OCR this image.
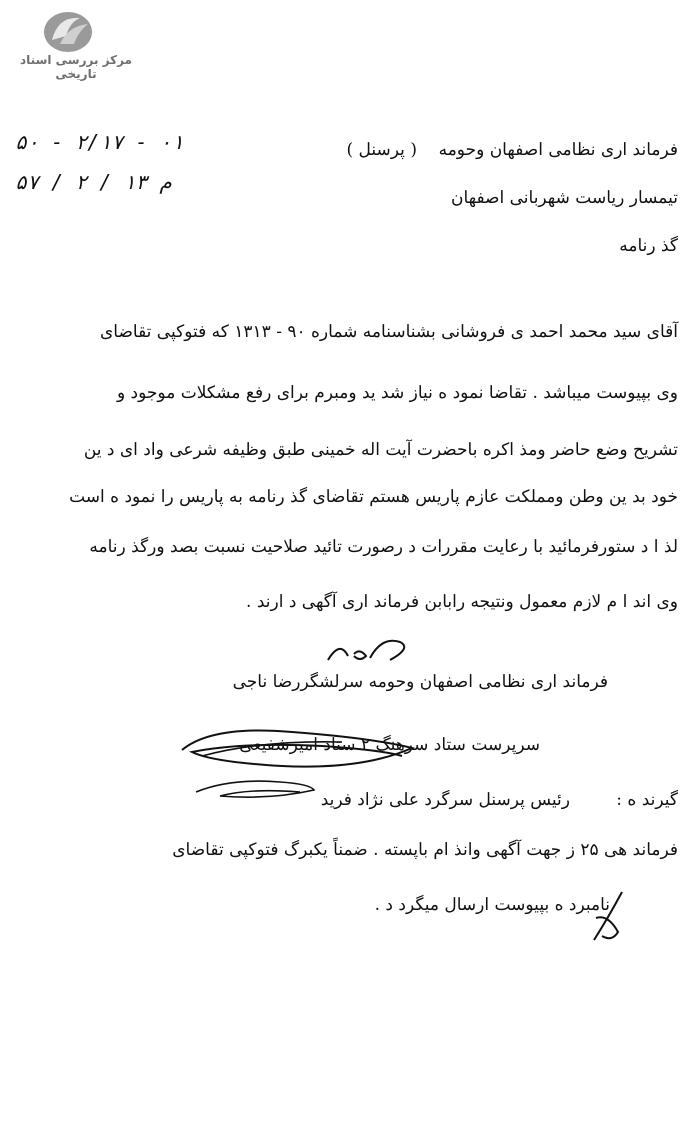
مرکز بررسی اسناد تاریخی
۵۰ - ۲/۱۷ - ۰۱
۵۷ / ۲ / ۱۳ م
فرماند اری نظامی اصفهان وحومه    ( پرسنل )
تیمسار ریاست شهربانی اصفهان
گذ رنامه
آقای سید محمد احمد ی فروشانی بشناسنامه شماره ۹۰ - ۱۳۱۳ که فتوکپی تقاضای
وی بپیوست میباشد . تقاضا نمود ه نیاز شد ید ومبرم برای رفع مشکلات موجود و
تشریح وضع حاضر ومذ اکره باحضرت آیت اله خمینی طبق وظیفه شرعی واد ای د ین
خود بد ین وطن ومملکت عازم پاریس هستم تقاضای گذ رنامه به پاریس را نمود ه است
لذ ا د ستورفرمائید با رعایت مقررات د رصورت تائید صلاحیت نسبت بصد ورگذ رنامه
وی اند ا م لازم معمول ونتیجه رابابن فرماند اری آگهی د ارند .
فرماند اری نظامی اصفهان وحومه سرلشگررضا ناجی
سرپرست ستاد سرهنگ ۲ ستاد امیرشفیعی
گیرند ه :
رئیس پرسنل سرگرد علی نژاد فرید
فرماند هی ۲۵ ز جهت آگهی وانذ ام باپسته . ضمناً یکبرگ فتوکپی تقاضای
نامبرد ه بپیوست ارسال میگرد د .
